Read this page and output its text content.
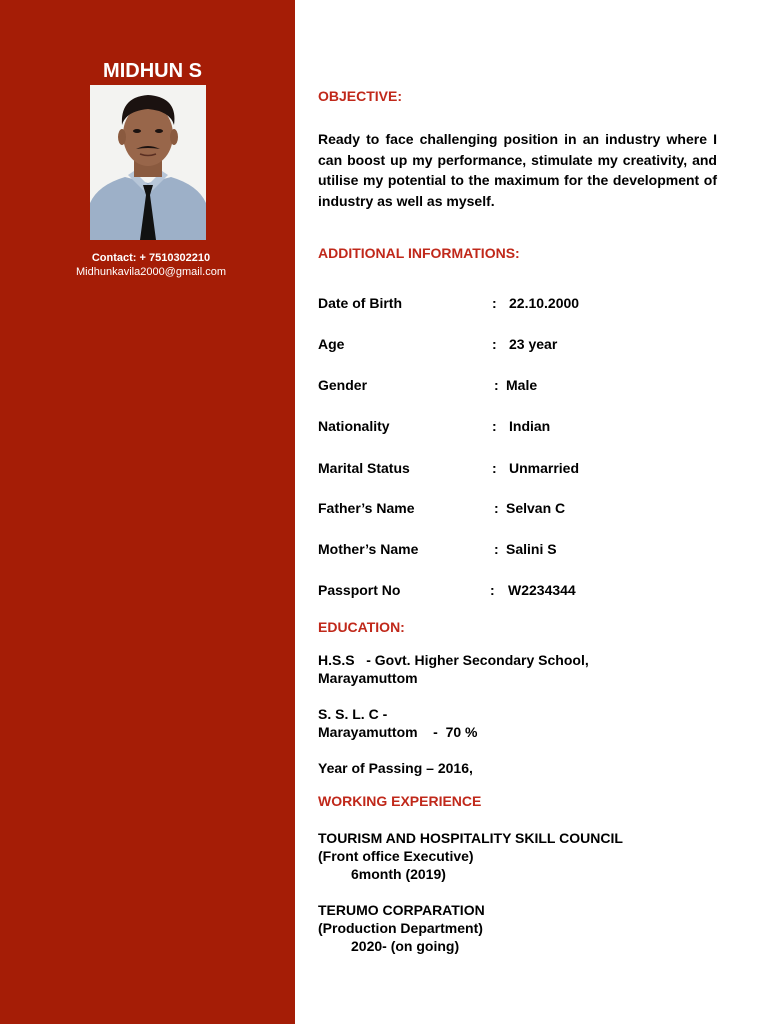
MIDHUN S
Contact: + 7510302210
Midhunkavila2000@gmail.com
OBJECTIVE:
Ready to face challenging position in an industry where I can boost up my performance, stimulate my creativity, and utilise my potential to the maximum for the development of industry as well as myself.
ADDITIONAL INFORMATIONS:
Date of Birth	: 22.10.2000
Age	: 23 year
Gender	: Male
Nationality	: Indian
Marital Status	: Unmarried
Father’s Name	: Selvan C
Mother’s Name	: Salini S
Passport No	: W2234344
EDUCATION:
H.S.S   - Govt. Higher Secondary School,
Marayamuttom
S. S. L. C -
Marayamuttom    -  70 %
Year of Passing – 2016,
WORKING EXPERIENCE
TOURISM AND HOSPITALITY SKILL COUNCIL
(Front office Executive)
6month (2019)
TERUMO CORPARATION
(Production Department)
2020- (on going)
